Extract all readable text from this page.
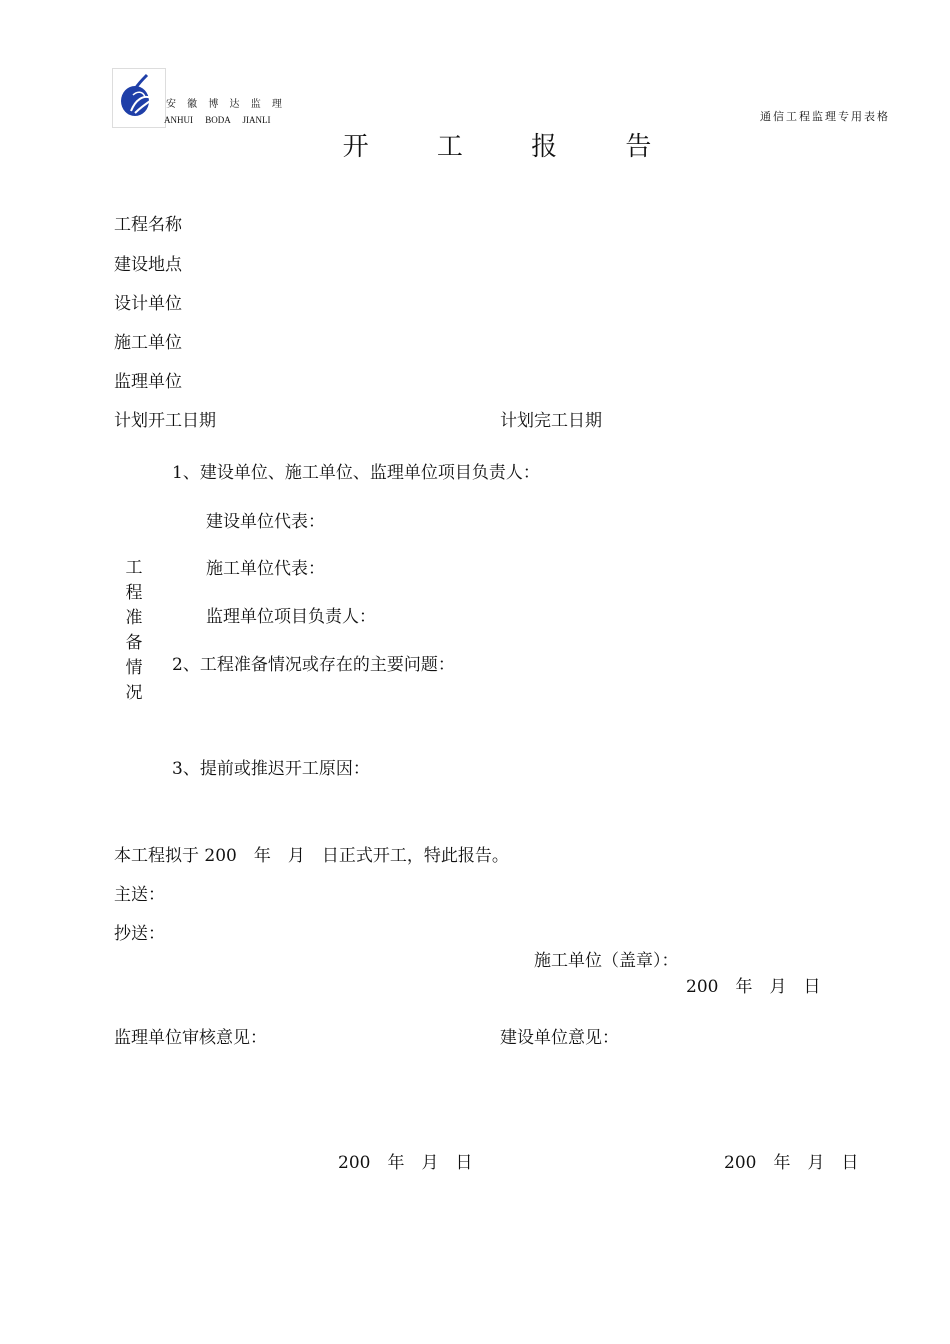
安 徽 博 达 监 理
ANHUI BODA JIANLI	通信工程监理专用表格
开 工 报 告
工程名称
建设地点
设计单位
施工单位
监理单位
计划开工日期	计划完工日期
1、建设单位、施工单位、监理单位项目负责人：
建设单位代表：
施工单位代表：
监理单位项目负责人：
工
程
准
备
情
况
2、工程准备情况或存在的主要问题：
3、提前或推迟开工原因：
本工程拟于 200　年　月　日正式开工，特此报告。
主送：
抄送：
施工单位（盖章）：
200　年　月　日
监理单位审核意见：	建设单位意见：
200　年　月　日	200　年　月　日
